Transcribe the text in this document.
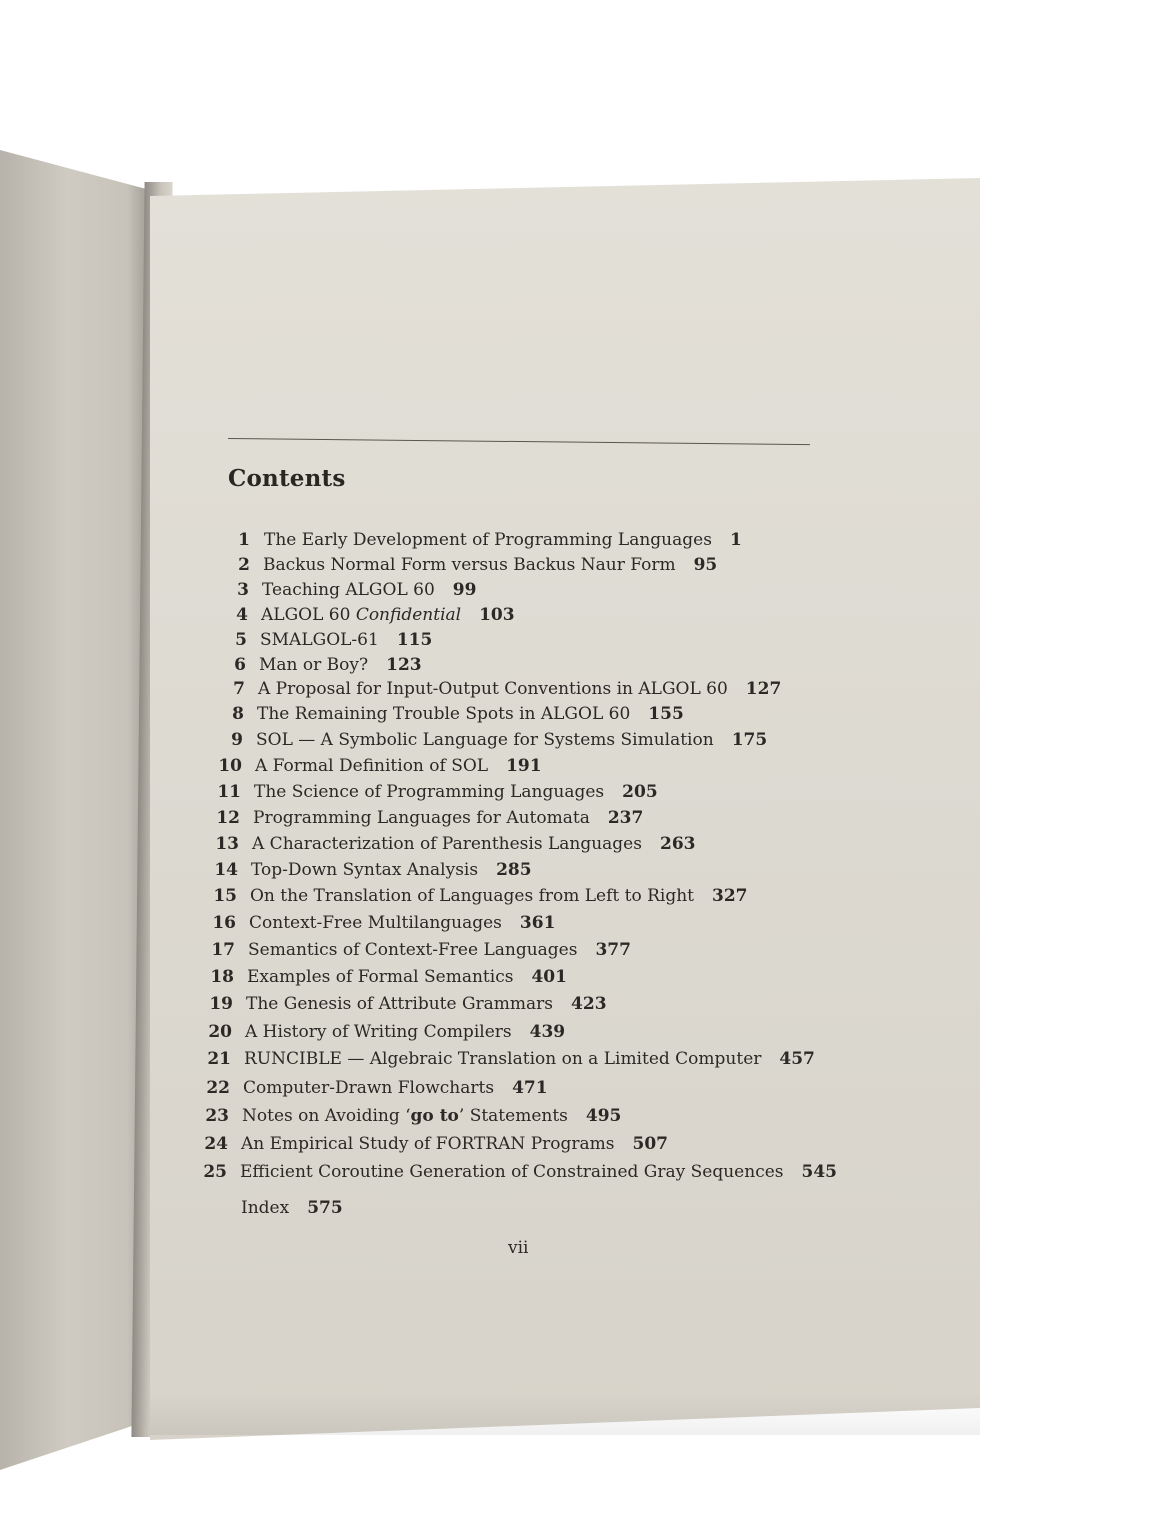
Contents
1 The Early Development of Programming Languages 1
2 Backus Normal Form versus Backus Naur Form 95
3 Teaching ALGOL 60 99
4 ALGOL 60 Confidential 103
5 SMALGOL-61 115
6 Man or Boy? 123
7 A Proposal for Input-Output Conventions in ALGOL 60 127
8 The Remaining Trouble Spots in ALGOL 60 155
9 SOL — A Symbolic Language for Systems Simulation 175
10 A Formal Definition of SOL 191
11 The Science of Programming Languages 205
12 Programming Languages for Automata 237
13 A Characterization of Parenthesis Languages 263
14 Top-Down Syntax Analysis 285
15 On the Translation of Languages from Left to Right 327
16 Context-Free Multilanguages 361
17 Semantics of Context-Free Languages 377
18 Examples of Formal Semantics 401
19 The Genesis of Attribute Grammars 423
20 A History of Writing Compilers 439
21 RUNCIBLE — Algebraic Translation on a Limited Computer 457
22 Computer-Drawn Flowcharts 471
23 Notes on Avoiding ‘go to’ Statements 495
24 An Empirical Study of FORTRAN Programs 507
25 Efficient Coroutine Generation of Constrained Gray Sequences 545
Index 575
vii
